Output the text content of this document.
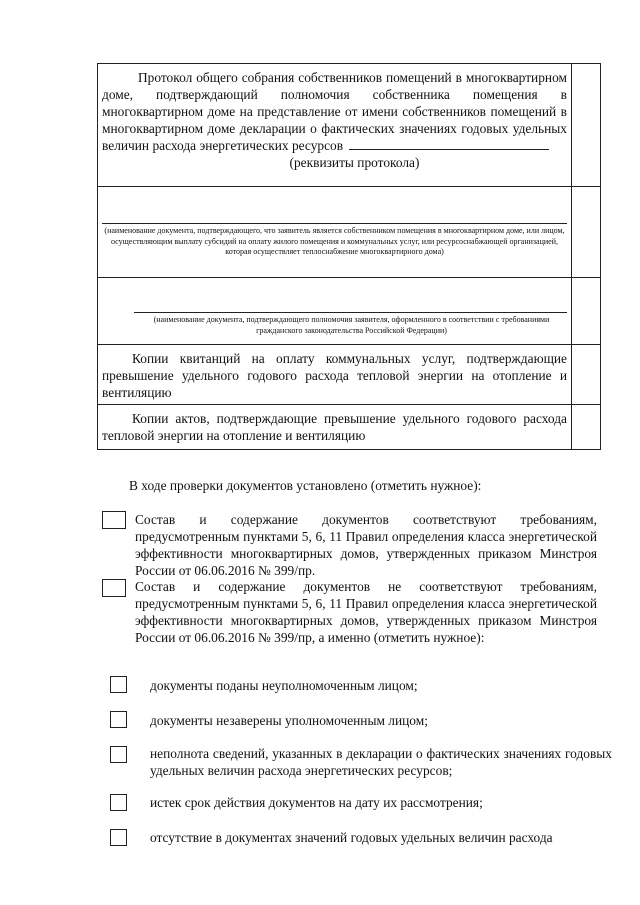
Протокол общего собрания собственников помещений в многоквартирном доме, подтверждающий полномочия собственника помещения в многоквартирном доме на представление от имени собственников помещений в многоквартирном доме декларации о фактических значениях годовых удельных величин расхода энергетических ресурсов
(реквизиты протокола)	

(наименование документа, подтверждающего, что заявитель является собственником помещения в многоквартирном доме, или лицом, осуществляющим выплату субсидий на оплату жилого помещения и коммунальных услуг, или ресурсоснабжающей организацией, которая осуществляет теплоснабжение многоквартирного дома)	

(наименование документа, подтверждающего полномочия заявителя, оформленного в соответствии с требованиями гражданского законодательства Российской Федерации)	

Копии квитанций на оплату коммунальных услуг, подтверждающие превышение удельного годового расхода тепловой энергии на отопление и вентиляцию	

Копии актов, подтверждающие превышение удельного годового расхода тепловой энергии на отопление и вентиляцию	

В ходе проверки документов установлено (отметить нужное):
Состав и содержание документов соответствуют требованиям, предусмотренным пунктами 5, 6, 11 Правил определения класса энергетической эффективности многоквартирных домов, утвержденных приказом Минстроя России от 06.06.2016 № 399/пр.
Состав и содержание документов не соответствуют требованиям, предусмотренным пунктами 5, 6, 11 Правил определения класса энергетической эффективности многоквартирных домов, утвержденных приказом Минстроя России от 06.06.2016 № 399/пр, а именно (отметить нужное):
документы поданы неуполномоченным лицом;
документы незаверены уполномоченным лицом;
неполнота сведений, указанных в декларации о фактических значениях годовых удельных величин расхода энергетических ресурсов;
истек срок действия документов на дату их рассмотрения;
отсутствие в документах значений годовых удельных величин расхода
